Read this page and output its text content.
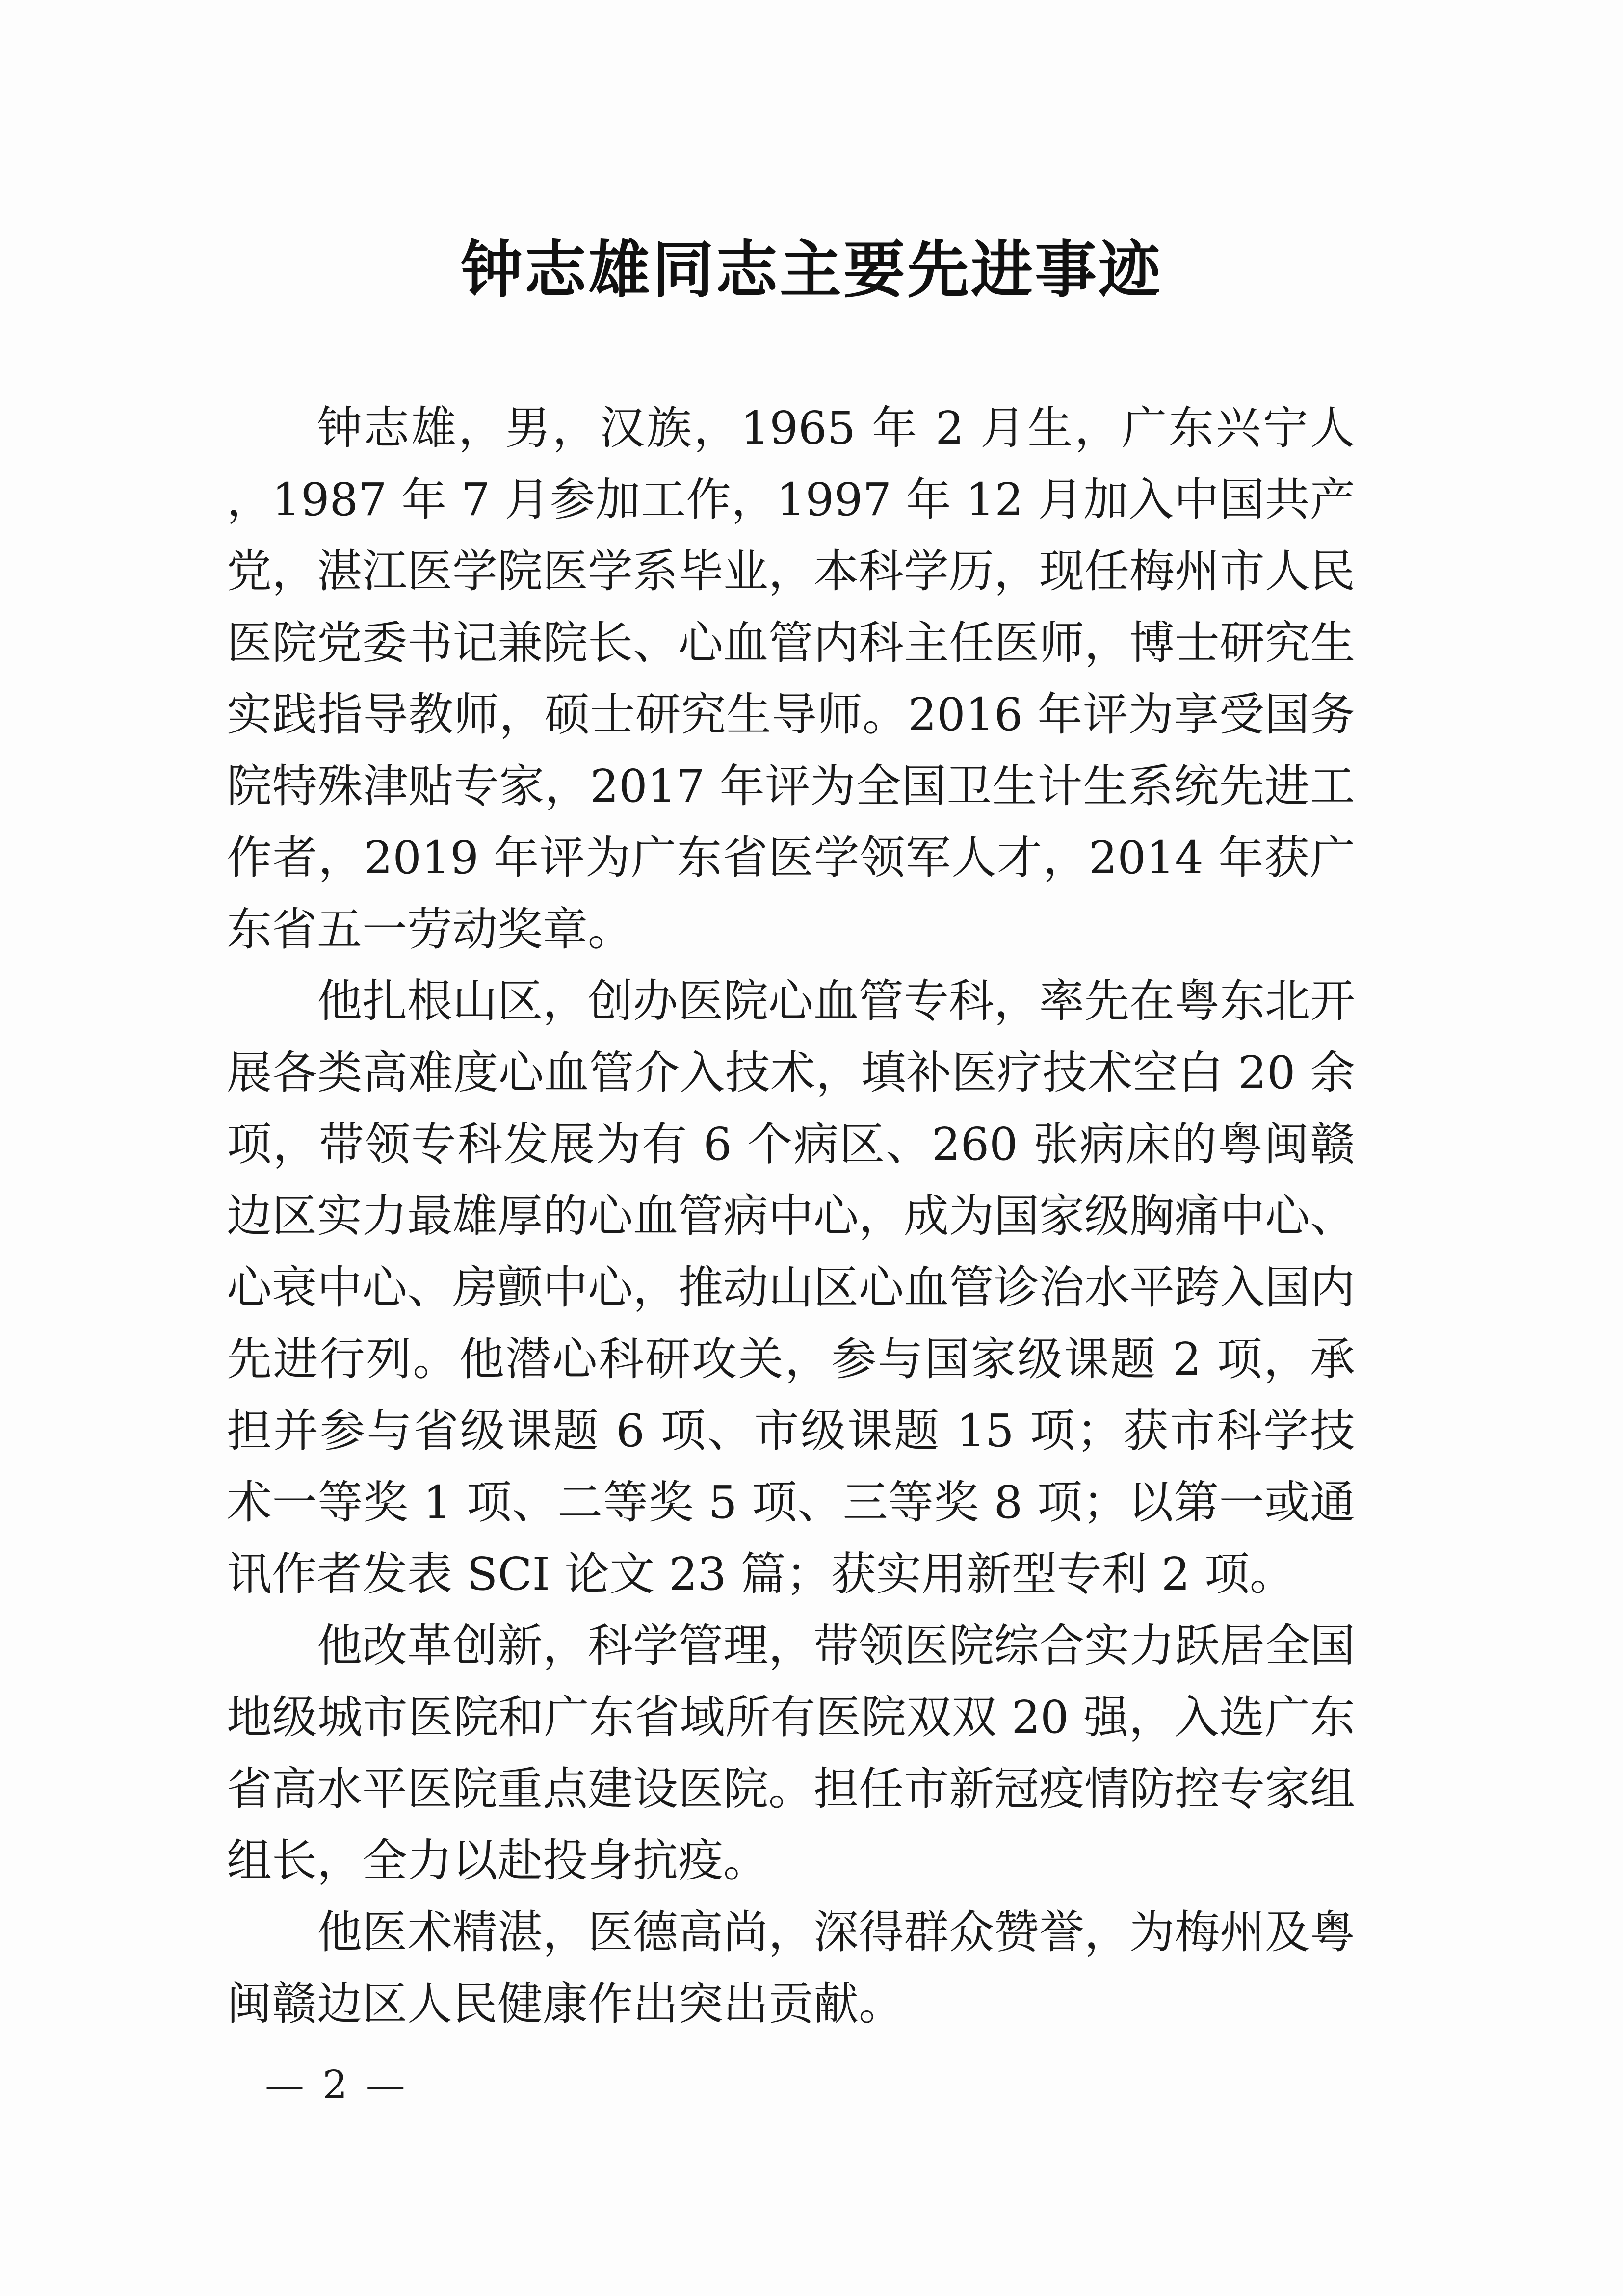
钟志雄同志主要先进事迹

钟志雄，男，汉族，1965 年 2 月生，广东兴宁人，1987 年 7 月参加工作，1997 年 12 月加入中国共产党，湛江医学院医学系毕业，本科学历，现任梅州市人民医院党委书记兼院长、心血管内科主任医师，博士研究生实践指导教师，硕士研究生导师。2016 年评为享受国务院特殊津贴专家，2017 年评为全国卫生计生系统先进工作者，2019 年评为广东省医学领军人才，2014 年获广东省五一劳动奖章。

他扎根山区，创办医院心血管专科，率先在粤东北开展各类高难度心血管介入技术，填补医疗技术空白 20 余项，带领专科发展为有 6 个病区、260 张病床的粤闽赣边区实力最雄厚的心血管病中心，成为国家级胸痛中心、心衰中心、房颤中心，推动山区心血管诊治水平跨入国内先进行列。他潜心科研攻关，参与国家级课题 2 项，承担并参与省级课题 6 项、市级课题 15 项；获市科学技术一等奖 1 项、二等奖 5 项、三等奖 8 项；以第一或通讯作者发表 SCI 论文 23 篇；获实用新型专利 2 项。

他改革创新，科学管理，带领医院综合实力跃居全国地级城市医院和广东省域所有医院双双 20 强，入选广东省高水平医院重点建设医院。担任市新冠疫情防控专家组组长，全力以赴投身抗疫。

他医术精湛，医德高尚，深得群众赞誉，为梅州及粤闽赣边区人民健康作出突出贡献。

— 2 —
